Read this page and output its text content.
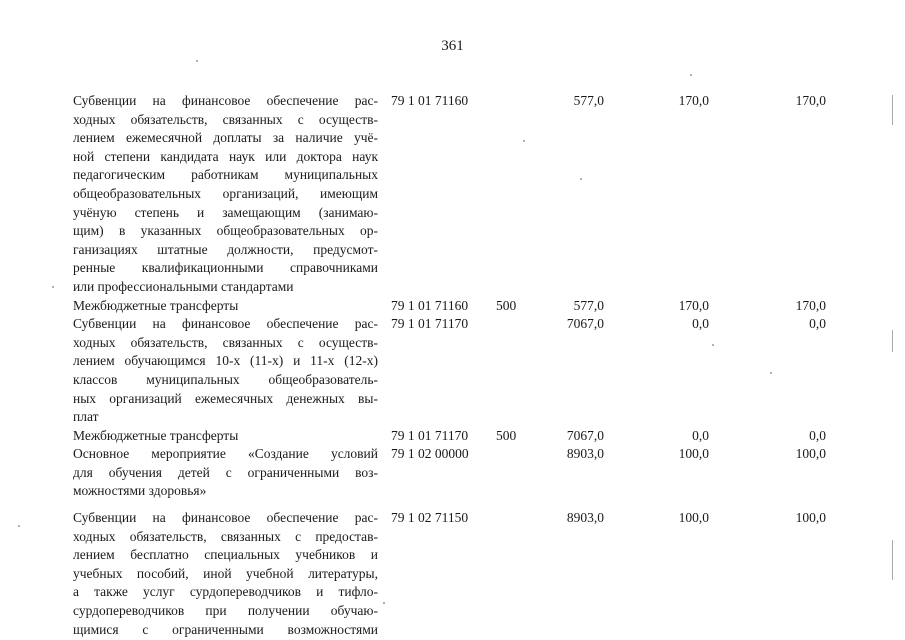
361
Субвенции на финансовое обеспечение рас-
ходных обязательств, связанных с осуществ-
лением ежемесячной доплаты за наличие учё-
ной степени кандидата наук или доктора наук
педагогическим работникам муниципальных
общеобразовательных организаций, имеющим
учёную степень и замещающим (занимаю-
щим) в указанных общеобразовательных ор-
ганизациях штатные должности, предусмот-
ренные квалификационными справочниками
или профессиональными стандартами
79 1 01 71160	577,0	170,0	170,0
Межбюджетные трансферты	79 1 01 71160 500	577,0	170,0	170,0
Субвенции на финансовое обеспечение рас-
ходных обязательств, связанных с осуществ-
лением обучающимся 10-х (11-х) и 11-х (12-х)
классов муниципальных общеобразователь-
ных организаций ежемесячных денежных вы-
плат
79 1 01 71170	7067,0	0,0	0,0
Межбюджетные трансферты	79 1 01 71170 500	7067,0	0,0	0,0
Основное мероприятие «Создание условий
для обучения детей с ограниченными воз-
можностями здоровья»
79 1 02 00000	8903,0	100,0	100,0
Субвенции на финансовое обеспечение рас-
ходных обязательств, связанных с предостав-
лением бесплатно специальных учебников и
учебных пособий, иной учебной литературы,
а также услуг сурдопереводчиков и тифло-
сурдопереводчиков при получении обучаю-
щимися с ограниченными возможностями
79 1 02 71150	8903,0	100,0	100,0
